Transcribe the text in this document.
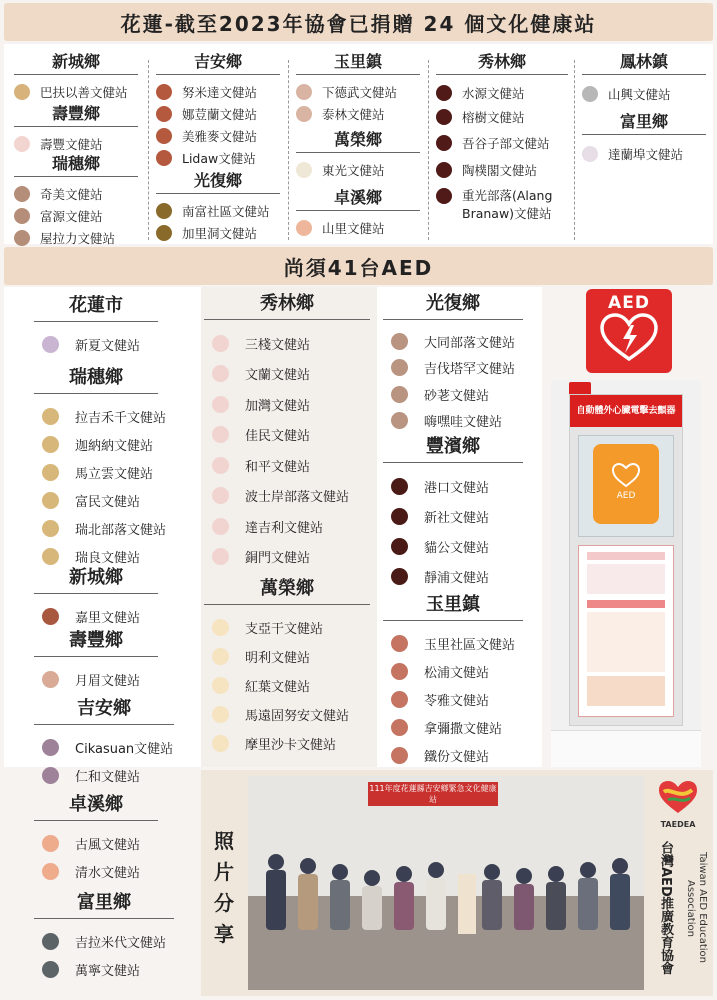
花蓮-截至2023年協會已捐贈 24 個文化健康站
新城鄉
巴扶以善文健站
壽豐鄉
壽豐文健站
瑞穗鄉
奇美文健站
富源文健站
屋拉力文健站
吉安鄉
努米達文健站
娜荳蘭文健站
美雅麥文健站
Lidaw文健站
光復鄉
南富社區文健站
加里洞文健站
玉里鎮
下德武文健站
泰林文健站
萬榮鄉
東光文健站
卓溪鄉
山里文健站
秀林鄉
水源文健站
榕樹文健站
吾谷子部文健站
陶樸閣文健站
重光部落(Alang Branaw)文健站
鳳林鎮
山興文健站
富里鄉
達蘭埠文健站
尚須41台AED
花蓮市
新夏文健站
瑞穗鄉
拉吉禾千文健站
迦納納文健站
馬立雲文健站
富民文健站
瑞北部落文健站
瑞良文健站
新城鄉
嘉里文健站
壽豐鄉
月眉文健站
吉安鄉
Cikasuan文健站
仁和文健站
卓溪鄉
古風文健站
清水文健站
富里鄉
吉拉米代文健站
萬寧文健站
秀林鄉
三棧文健站
文蘭文健站
加灣文健站
佳民文健站
和平文健站
波士岸部落文健站
達吉利文健站
銅門文健站
萬榮鄉
支亞干文健站
明利文健站
紅葉文健站
馬遠固努安文健站
摩里沙卡文健站
光復鄉
大同部落文健站
吉伐塔罕文健站
砂荖文健站
嗨嘿哇文健站
豐濱鄉
港口文健站
新社文健站
貓公文健站
靜浦文健站
玉里鎮
玉里社區文健站
松浦文健站
苓雅文健站
拿彌撒文健站
鐵份文健站
AED
自動體外心臟電擊去顫器
AED
照片分享
111年度花蓮縣吉安鄉緊急文化健康站
TAEDEA
台灣AED推廣教育協會	Taiwan AED Education Association
